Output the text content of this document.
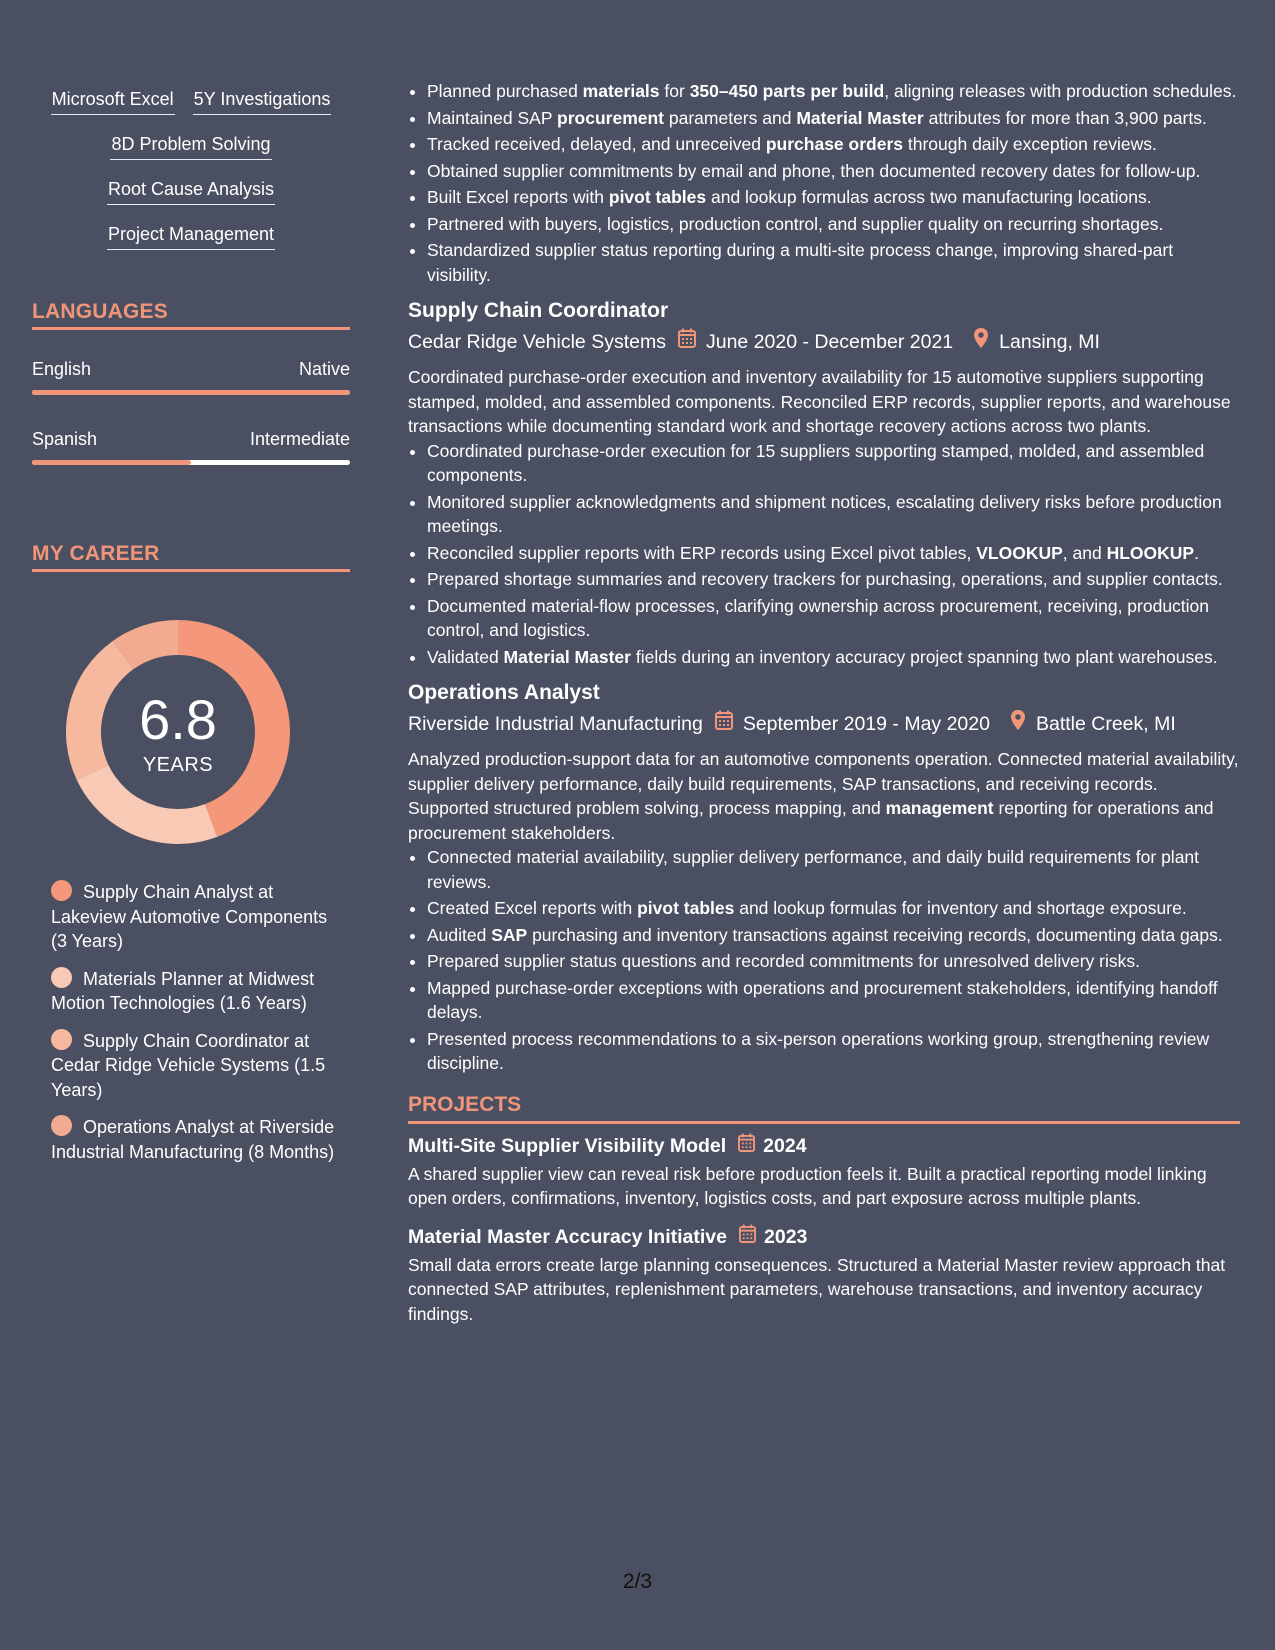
Microsoft Excel 5Y Investigations
8D Problem Solving
Root Cause Analysis
Project Management
LANGUAGES
English	Native
Spanish	Intermediate
MY CAREER
6.8
YEARS
Supply Chain Analyst at Lakeview Automotive Components (3 Years)
Materials Planner at Midwest Motion Technologies (1.6 Years)
Supply Chain Coordinator at Cedar Ridge Vehicle Systems (1.5 Years)
Operations Analyst at Riverside Industrial Manufacturing (8 Months)
• Planned purchased materials for 350–450 parts per build, aligning releases with production schedules.
• Maintained SAP procurement parameters and Material Master attributes for more than 3,900 parts.
• Tracked received, delayed, and unreceived purchase orders through daily exception reviews.
• Obtained supplier commitments by email and phone, then documented recovery dates for follow-up.
• Built Excel reports with pivot tables and lookup formulas across two manufacturing locations.
• Partnered with buyers, logistics, production control, and supplier quality on recurring shortages.
• Standardized supplier status reporting during a multi-site process change, improving shared-part visibility.
Supply Chain Coordinator
Cedar Ridge Vehicle Systems June 2020 - December 2021 Lansing, MI
Coordinated purchase-order execution and inventory availability for 15 automotive suppliers supporting stamped, molded, and assembled components. Reconciled ERP records, supplier reports, and warehouse transactions while documenting standard work and shortage recovery actions across two plants.
• Coordinated purchase-order execution for 15 suppliers supporting stamped, molded, and assembled components.
• Monitored supplier acknowledgments and shipment notices, escalating delivery risks before production meetings.
• Reconciled supplier reports with ERP records using Excel pivot tables, VLOOKUP, and HLOOKUP.
• Prepared shortage summaries and recovery trackers for purchasing, operations, and supplier contacts.
• Documented material-flow processes, clarifying ownership across procurement, receiving, production control, and logistics.
• Validated Material Master fields during an inventory accuracy project spanning two plant warehouses.
Operations Analyst
Riverside Industrial Manufacturing September 2019 - May 2020 Battle Creek, MI
Analyzed production-support data for an automotive components operation. Connected material availability, supplier delivery performance, daily build requirements, SAP transactions, and receiving records. Supported structured problem solving, process mapping, and management reporting for operations and procurement stakeholders.
• Connected material availability, supplier delivery performance, and daily build requirements for plant reviews.
• Created Excel reports with pivot tables and lookup formulas for inventory and shortage exposure.
• Audited SAP purchasing and inventory transactions against receiving records, documenting data gaps.
• Prepared supplier status questions and recorded commitments for unresolved delivery risks.
• Mapped purchase-order exceptions with operations and procurement stakeholders, identifying handoff delays.
• Presented process recommendations to a six-person operations working group, strengthening review discipline.
PROJECTS
Multi-Site Supplier Visibility Model 2024
A shared supplier view can reveal risk before production feels it. Built a practical reporting model linking open orders, confirmations, inventory, logistics costs, and part exposure across multiple plants.
Material Master Accuracy Initiative 2023
Small data errors create large planning consequences. Structured a Material Master review approach that connected SAP attributes, replenishment parameters, warehouse transactions, and inventory accuracy findings.
2/3
